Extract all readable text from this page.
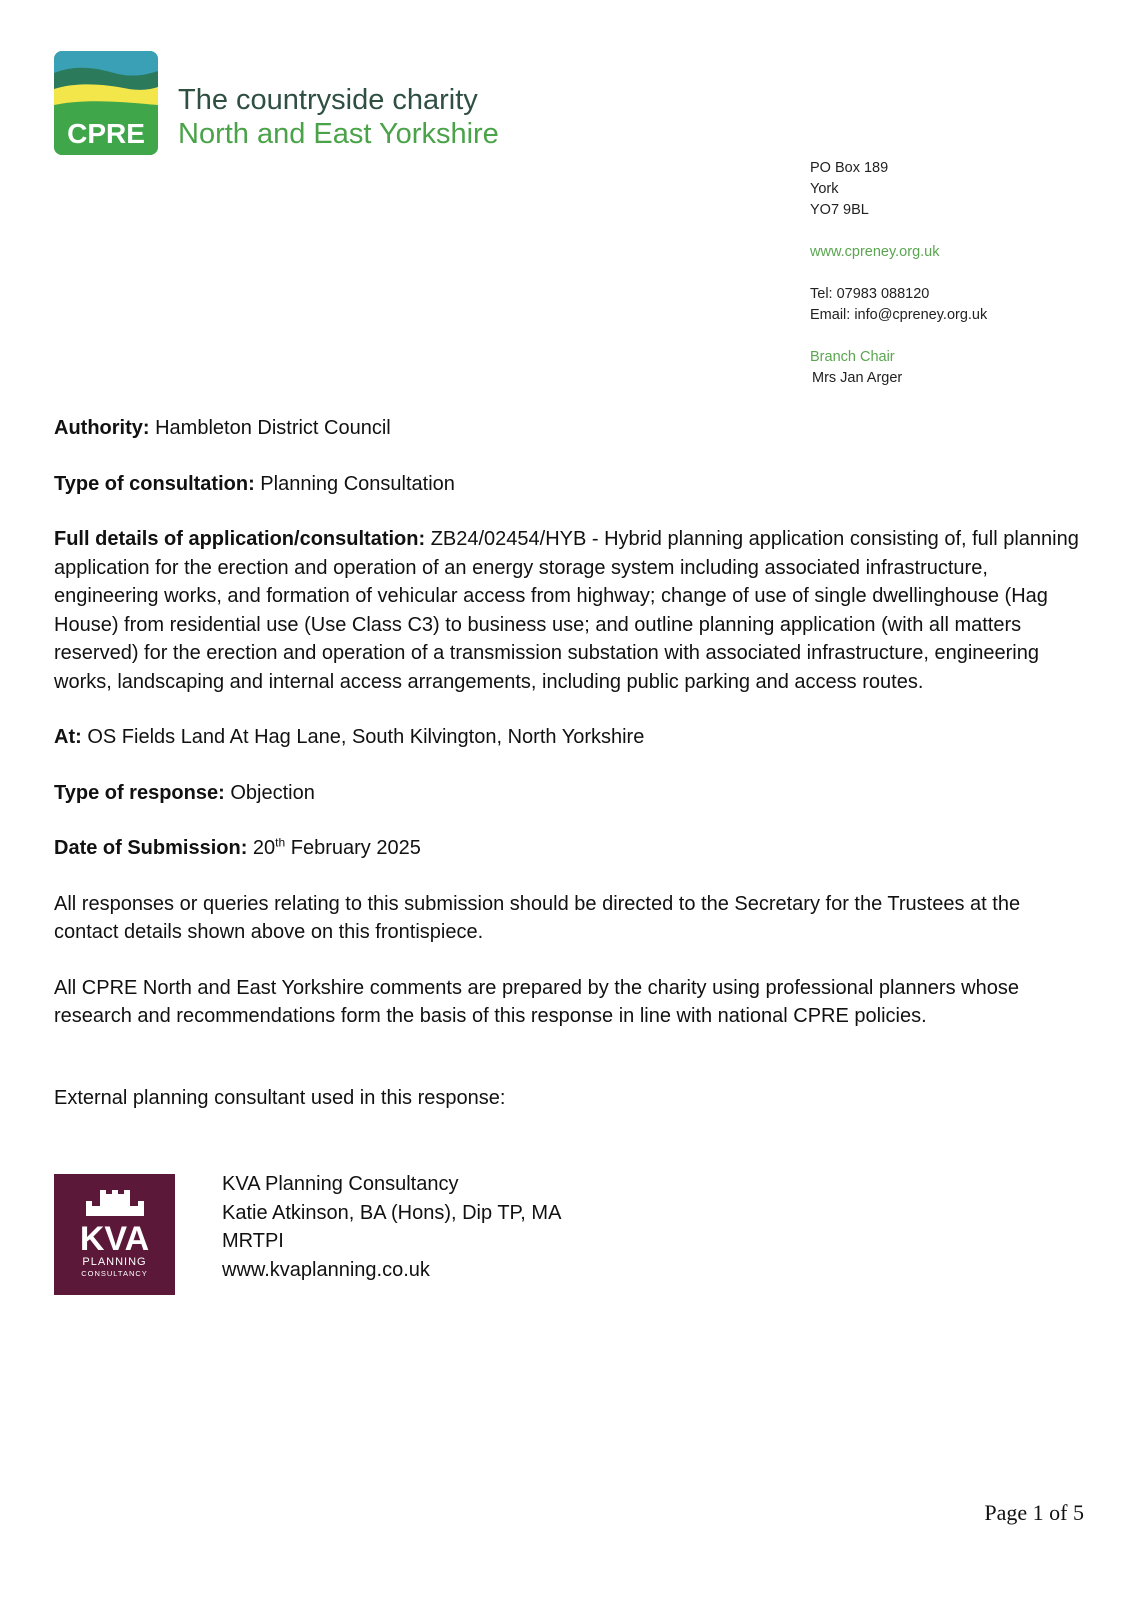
CPRE
The countryside charity
North and East Yorkshire
PO Box 189
York
YO7 9BL
www.cpreney.org.uk
Tel: 07983 088120
Email: info@cpreney.org.uk
Branch Chair
Mrs Jan Arger

Authority: Hambleton District Council

Type of consultation: Planning Consultation

Full details of application/consultation: ZB24/02454/HYB - Hybrid planning application consisting of, full planning application for the erection and operation of an energy storage system including associated infrastructure, engineering works, and formation of vehicular access from highway; change of use of single dwellinghouse (Hag House) from residential use (Use Class C3) to business use; and outline planning application (with all matters reserved) for the erection and operation of a transmission substation with associated infrastructure, engineering works, landscaping and internal access arrangements, including public parking and access routes.

At: OS Fields Land At Hag Lane, South Kilvington, North Yorkshire

Type of response: Objection

Date of Submission: 20th February 2025

All responses or queries relating to this submission should be directed to the Secretary for the Trustees at the contact details shown above on this frontispiece.

All CPRE North and East Yorkshire comments are prepared by the charity using professional planners whose research and recommendations form the basis of this response in line with national CPRE policies.

External planning consultant used in this response:

KVA
PLANNING
CONSULTANCY
KVA Planning Consultancy
Katie Atkinson, BA (Hons), Dip TP, MA
MRTPI
www.kvaplanning.co.uk
Page 1 of 5
